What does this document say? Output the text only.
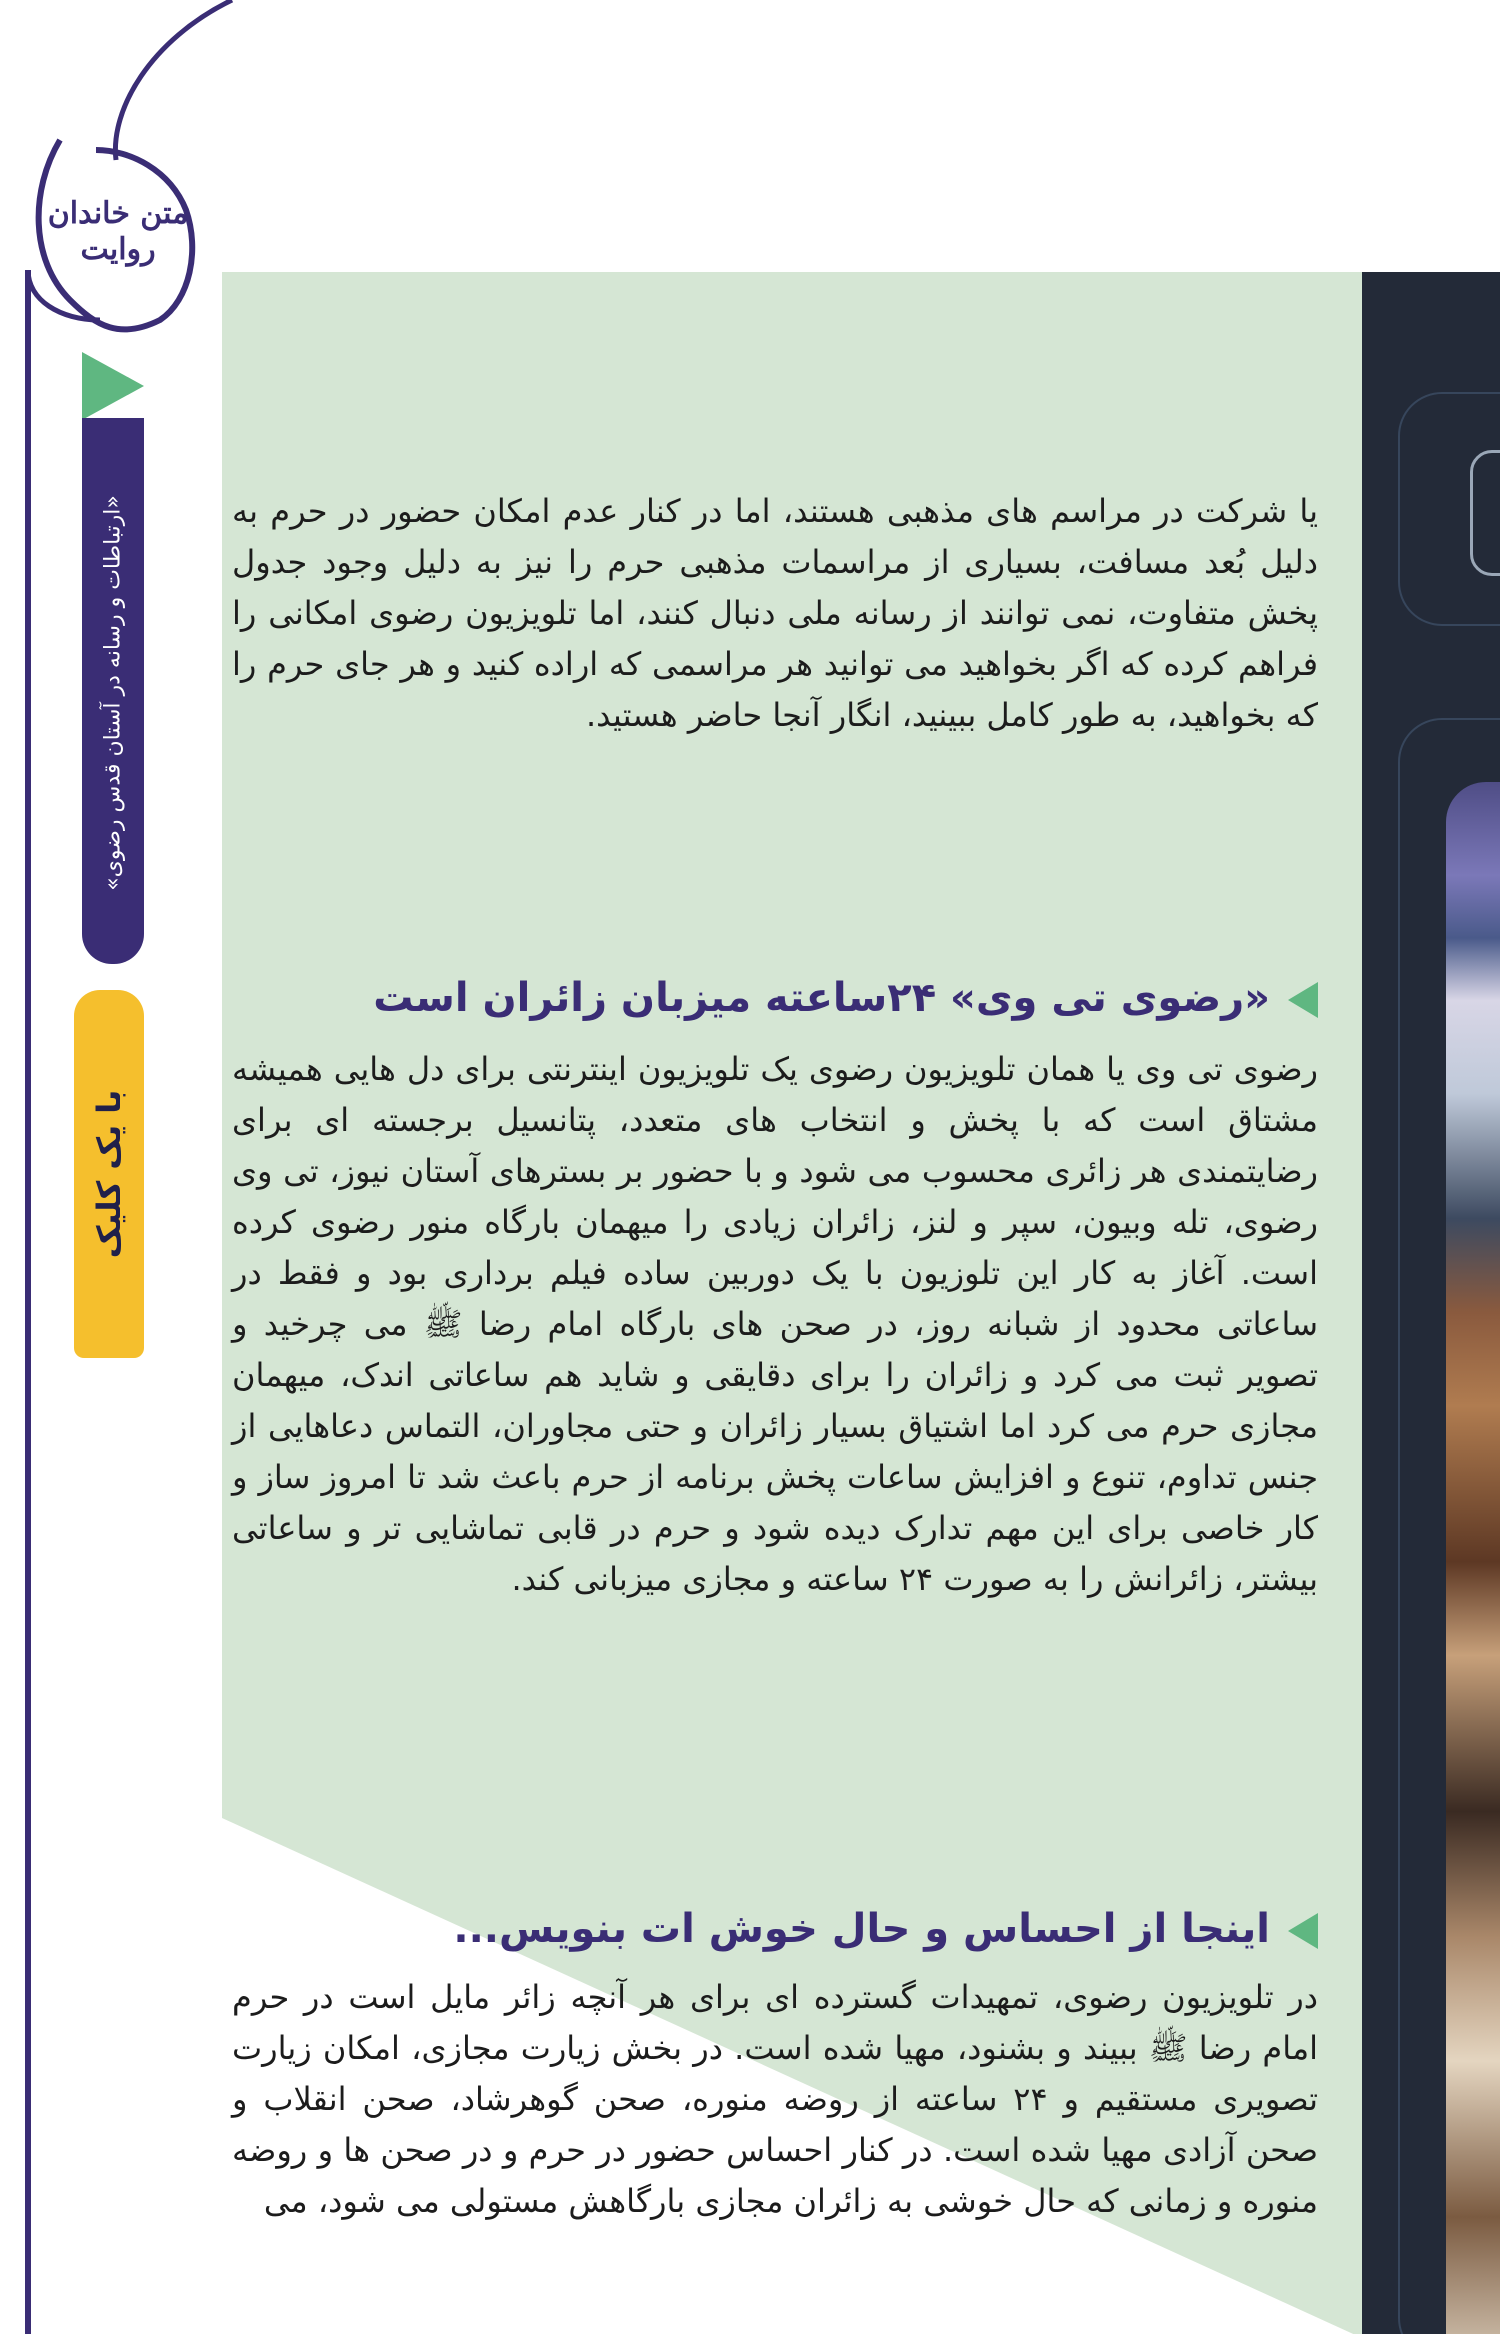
متن خاندان
روایت
«ارتباطات و رسانه در آستان قدس رضوی»
با یک کلیک

یا شرکت در مراسم های مذهبی هستند، اما در کنار عدم امکان حضور در حرم به دلیل بُعد مسافت، بسیاری از مراسمات مذهبی حرم را نیز به دلیل وجود جدول پخش متفاوت، نمی توانند از رسانه ملی دنبال کنند، اما تلویزیون رضوی امکانی را فراهم کرده که اگر بخواهید می توانید هر مراسمی که اراده کنید و هر جای حرم را که بخواهید، به طور کامل ببینید، انگار آنجا حاضر هستید.

«رضوی تی وی» ۲۴ساعته میزبان زائران است

رضوی تی وی یا همان تلویزیون رضوی یک تلویزیون اینترنتی برای دل هایی همیشه مشتاق است که با پخش و انتخاب های متعدد، پتانسیل برجسته ای برای رضایتمندی هر زائری محسوب می شود و با حضور بر بسترهای آستان نیوز، تی وی رضوی، تله وبیون، سپر و لنز، زائران زیادی را میهمان بارگاه منور رضوی کرده است. آغاز به کار این تلوزیون با یک دوربین ساده فیلم برداری بود و فقط در ساعاتی محدود از شبانه روز، در صحن های بارگاه امام رضا ﷺ می چرخید و تصویر ثبت می کرد و زائران را برای دقایقی و شاید هم ساعاتی اندک، میهمان مجازی حرم می کرد اما اشتیاق بسیار زائران و حتی مجاوران، التماس دعاهایی از جنس تداوم، تنوع و افزایش ساعات پخش برنامه از حرم باعث شد تا امروز ساز و کار خاصی برای این مهم تدارک دیده شود و حرم در قابی تماشایی تر و ساعاتی بیشتر، زائرانش را به صورت ۲۴ ساعته و مجازی میزبانی کند.

اینجا از احساس و حال خوش ات بنویس...

در تلویزیون رضوی، تمهیدات گسترده ای برای هر آنچه زائر مایل است در حرم امام رضا ﷺ ببیند و بشنود، مهیا شده است. در بخش زیارت مجازی، امکان زیارت تصویری مستقیم و ۲۴ ساعته از روضه منوره، صحن گوهرشاد، صحن انقلاب و صحن آزادی مهیا شده است. در کنار احساس حضور در حرم و در صحن ها و روضه منوره و زمانی که حال خوشی به زائران مجازی بارگاهش مستولی می شود، می
